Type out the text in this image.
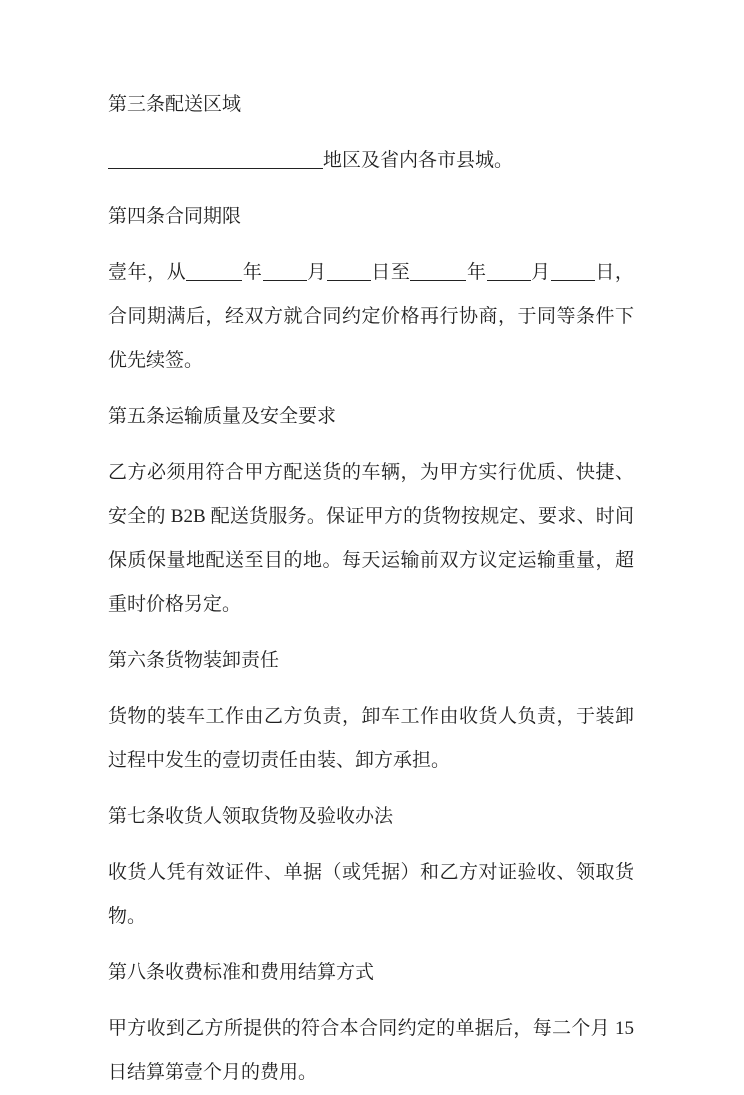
第三条配送区域

地区及省内各市县城。

第四条合同期限

壹年，从	年 月 日至	年 月 日，合同期满后，经双方就合同约定价格再行协商，于同等条件下优先续签。

第五条运输质量及安全要求

乙方必须用符合甲方配送货的车辆，为甲方实行优质、快捷、安全的 B2B 配送货服务。保证甲方的货物按规定、要求、时间保质保量地配送至目的地。每天运输前双方议定运输重量，超重时价格另定。

第六条货物装卸责任

货物的装车工作由乙方负责，卸车工作由收货人负责，于装卸过程中发生的壹切责任由装、卸方承担。

第七条收货人领取货物及验收办法

收货人凭有效证件、单据（或凭据）和乙方对证验收、领取货物。

第八条收费标准和费用结算方式

甲方收到乙方所提供的符合本合同约定的单据后，每二个月 15 日结算第壹个月的费用。
